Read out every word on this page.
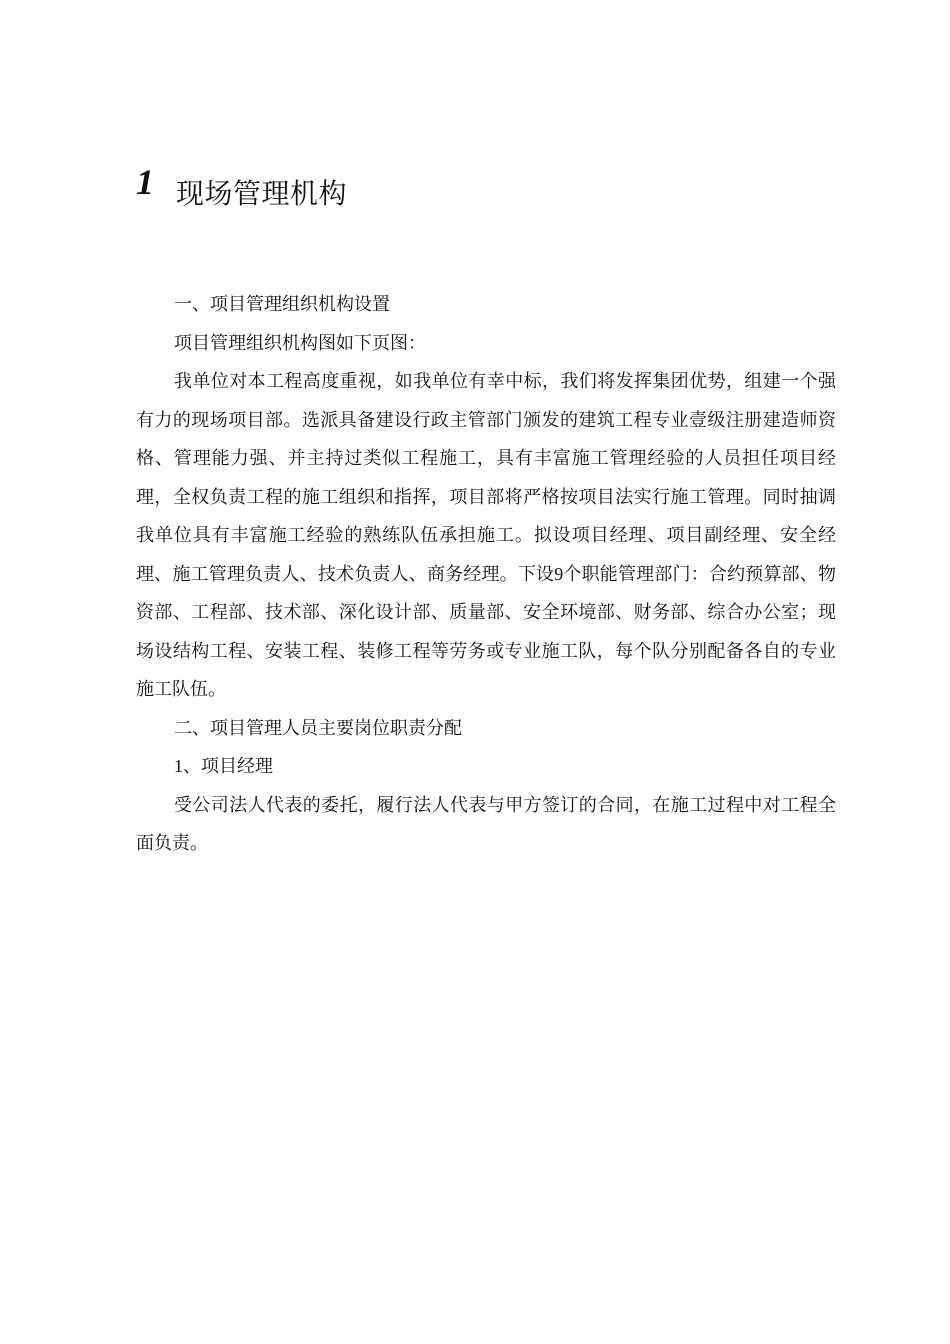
1 现场管理机构

一、项目管理组织机构设置

项目管理组织机构图如下页图：

我单位对本工程高度重视，如我单位有幸中标，我们将发挥集团优势，组建一个强有力的现场项目部。选派具备建设行政主管部门颁发的建筑工程专业壹级注册建造师资格、管理能力强、并主持过类似工程施工，具有丰富施工管理经验的人员担任项目经理，全权负责工程的施工组织和指挥，项目部将严格按项目法实行施工管理。同时抽调我单位具有丰富施工经验的熟练队伍承担施工。拟设项目经理、项目副经理、安全经理、施工管理负责人、技术负责人、商务经理。下设9个职能管理部门：合约预算部、物资部、工程部、技术部、深化设计部、质量部、安全环境部、财务部、综合办公室；现场设结构工程、安装工程、装修工程等劳务或专业施工队，每个队分别配备各自的专业施工队伍。

二、项目管理人员主要岗位职责分配

1、项目经理

受公司法人代表的委托，履行法人代表与甲方签订的合同，在施工过程中对工程全面负责。
